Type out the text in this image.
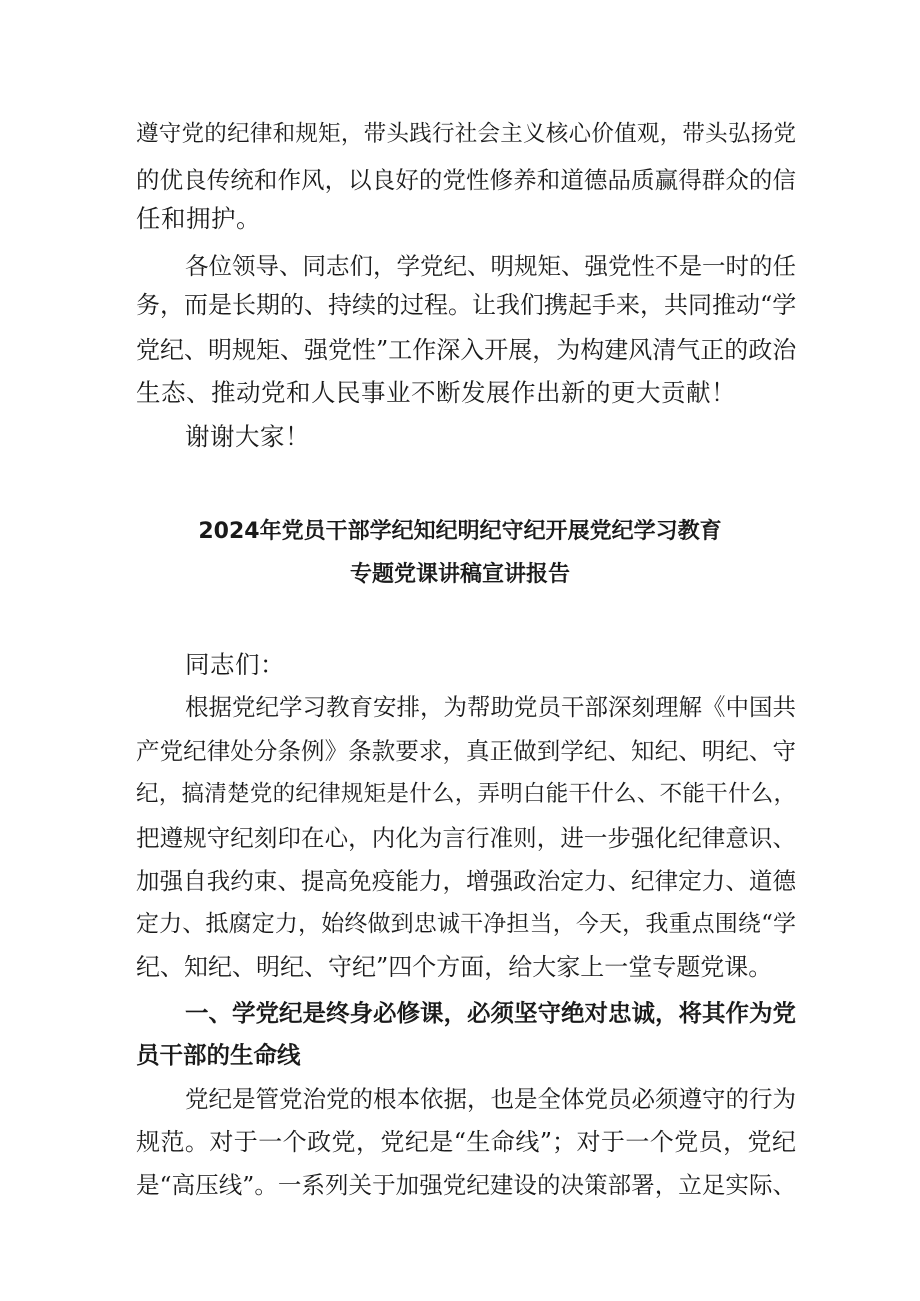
遵守党的纪律和规矩，带头践行社会主义核心价值观，带头弘扬党
的优良传统和作风，以良好的党性修养和道德品质赢得群众的信
任和拥护。
各位领导、同志们，学党纪、明规矩、强党性不是一时的任
务，而是长期的、持续的过程。让我们携起手来，共同推动“学
党纪、明规矩、强党性”工作深入开展，为构建风清气正的政治
生态、推动党和人民事业不断发展作出新的更大贡献！
谢谢大家！
2024年党员干部学纪知纪明纪守纪开展党纪学习教育
专题党课讲稿宣讲报告
同志们：
根据党纪学习教育安排，为帮助党员干部深刻理解《中国共
产党纪律处分条例》条款要求，真正做到学纪、知纪、明纪、守
纪，搞清楚党的纪律规矩是什么，弄明白能干什么、不能干什么，
把遵规守纪刻印在心，内化为言行准则，进一步强化纪律意识、
加强自我约束、提高免疫能力，增强政治定力、纪律定力、道德
定力、抵腐定力，始终做到忠诚干净担当，今天，我重点围绕“学
纪、知纪、明纪、守纪”四个方面，给大家上一堂专题党课。
一、学党纪是终身必修课，必须坚守绝对忠诚，将其作为党
员干部的生命线
党纪是管党治党的根本依据，也是全体党员必须遵守的行为
规范。对于一个政党，党纪是“生命线”；对于一个党员，党纪
是“高压线”。一系列关于加强党纪建设的决策部署，立足实际、
